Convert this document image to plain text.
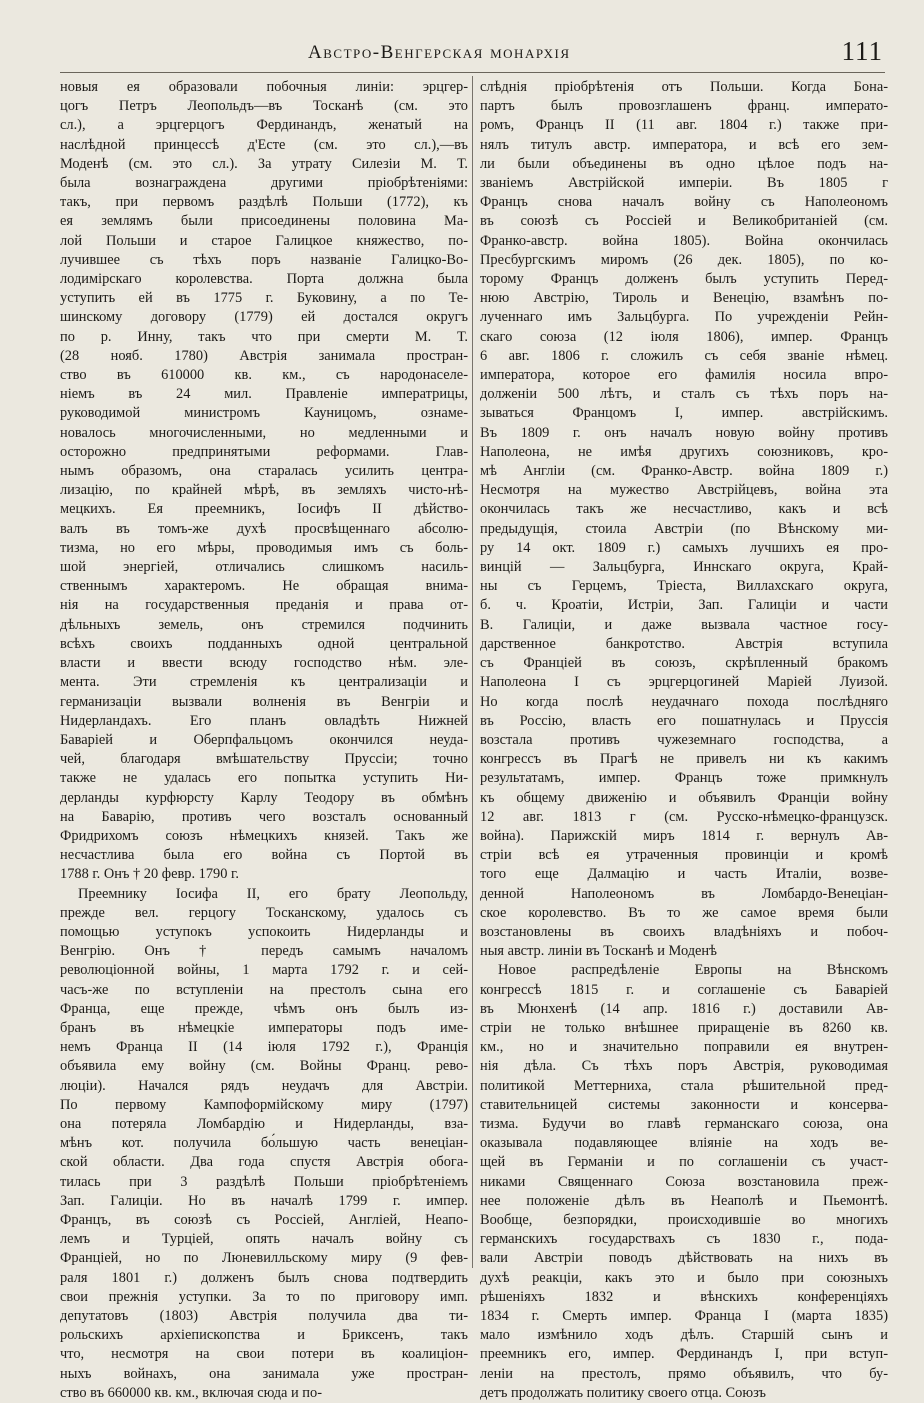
Австро-Венгерская монархія	111
новыя ея образовали побочныя линіи: эрцгер-
цогъ Петръ Леопольдъ—въ Тосканѣ (см. это
сл.), а эрцгерцогъ Фердинандъ, женатый на
наслѣдной принцессѣ д'Есте (см. это сл.),—въ
Моденѣ (см. это сл.). За утрату Силезіи М. Т.
была вознаграждена другими пріобрѣтеніями:
такъ, при первомъ раздѣлѣ Польши (1772), къ
ея землямъ были присоединены половина Ма-
лой Польши и старое Галицкое княжество, по-
лучившее съ тѣхъ поръ названіе Галицко-Во-
лодимірскаго королевства. Порта должна была
уступить ей въ 1775 г. Буковину, а по Те-
шинскому договору (1779) ей достался округъ
по р. Инну, такъ что при смерти М. Т.
(28 нояб. 1780) Австрія занимала простран-
ство въ 610000 кв. км., съ народонаселе-
ніемъ въ 24 мил. Правленіе императрицы,
руководимой министромъ Кауницомъ, ознаме-
новалось многочисленными, но медленными и
осторожно предпринятыми реформами. Глав-
нымъ образомъ, она старалась усилить центра-
лизацію, по крайней мѣрѣ, въ земляхъ чисто-нѣ-
мецкихъ. Ея преемникъ, Іосифъ II дѣйство-
валъ въ томъ-же духѣ просвѣщеннаго абсолю-
тизма, но его мѣры, проводимыя имъ съ боль-
шой энергіей, отличались слишкомъ насиль-
ственнымъ характеромъ. Не обращая внима-
нія на государственныя преданія и права от-
дѣльныхъ земель, онъ стремился подчинить
всѣхъ своихъ подданныхъ одной центральной
власти и ввести всюду господство нѣм. эле-
мента. Эти стремленія къ централизаціи и
германизаціи вызвали волненія въ Венгріи и
Нидерландахъ. Его планъ овладѣть Нижней
Баваріей и Оберпфальцомъ окончился неуда-
чей, благодаря вмѣшательству Пруссіи; точно
также не удалась его попытка уступить Ни-
дерланды курфюрсту Карлу Теодору въ обмѣнъ
на Баварію, противъ чего возсталъ основанный
Фридрихомъ союзъ нѣмецкихъ князей. Такъ же
несчастлива была его война съ Портой въ
1788 г. Онъ † 20 февр. 1790 г.
Преемнику Іосифа II, его брату Леопольду,
прежде вел. герцогу Тосканскому, удалось съ
помощью уступокъ успокоить Нидерланды и
Венгрію. Онъ † передъ самымъ началомъ
революціонной войны, 1 марта 1792 г. и сей-
часъ-же по вступленіи на престолъ сына его
Франца, еще прежде, чѣмъ онъ былъ из-
бранъ въ нѣмецкіе императоры подъ име-
немъ Франца II (14 іюля 1792 г.), Франція
объявила ему войну (см. Войны Франц. рево-
люціи). Начался рядъ неудачъ для Австріи.
По первому Кампоформійскому миру (1797)
она потеряла Ломбардію и Нидерланды, вза-
мѣнъ кот. получила бо́льшую часть венеціан-
ской области. Два года спустя Австрія обога-
тилась при 3 раздѣлѣ Польши пріобрѣтеніемъ
Зап. Галиціи. Но въ началѣ 1799 г. импер.
Францъ, въ союзѣ съ Россіей, Англіей, Неапо-
лемъ и Турціей, опять началъ войну съ
Франціей, но по Люневилльскому миру (9 фев-
раля 1801 г.) долженъ былъ снова подтвердить
свои прежнія уступки. За то по приговору имп.
депутатовъ (1803) Австрія получила два ти-
рольскихъ архіепископства и Бриксенъ, такъ
что, несмотря на свои потери въ коалиціон-
ныхъ войнахъ, она занимала уже простран-
ство въ 660000 кв. км., включая сюда и по-
слѣднія пріобрѣтенія отъ Польши. Когда Бона-
партъ былъ провозглашенъ франц. императо-
ромъ, Францъ II (11 авг. 1804 г.) также при-
нялъ титулъ австр. императора, и всѣ его зем-
ли были объединены въ одно цѣлое подъ на-
званіемъ Австрійской имперіи. Въ 1805 г
Францъ снова началъ войну съ Наполеономъ
въ союзѣ съ Россіей и Великобританіей (см.
Франко-австр. война 1805). Война окончилась
Пресбургскимъ миромъ (26 дек. 1805), по ко-
торому Францъ долженъ былъ уступить Перед-
нюю Австрію, Тироль и Венецію, взамѣнъ по-
лученнаго имъ Зальцбурга. По учрежденіи Рейн-
скаго союза (12 іюля 1806), импер. Францъ
6 авг. 1806 г. сложилъ съ себя званіе нѣмец.
императора, которое его фамилія носила впро-
долженіи 500 лѣтъ, и сталъ съ тѣхъ поръ на-
зываться Францомъ I, импер. австрійскимъ.
Въ 1809 г. онъ началъ новую войну противъ
Наполеона, не имѣя другихъ союзниковъ, кро-
мѣ Англіи (см. Франко-Австр. война 1809 г.)
Несмотря на мужество Австрійцевъ, война эта
окончилась такъ же несчастливо, какъ и всѣ
предыдущія, стоила Австріи (по Вѣнскому ми-
ру 14 окт. 1809 г.) самыхъ лучшихъ ея про-
винцій — Зальцбурга, Иннскаго округа, Край-
ны съ Герцемъ, Тріеста, Виллахскаго округа,
б. ч. Кроатіи, Истріи, Зап. Галиціи и части
В. Галиціи, и даже вызвала частное госу-
дарственное банкротство. Австрія вступила
съ Франціей въ союзъ, скрѣпленный бракомъ
Наполеона I съ эрцгерцогиней Маріей Луизой.
Но когда послѣ неудачнаго похода послѣдняго
въ Россію, власть его пошатнулась и Пруссія
возстала противъ чужеземнаго господства, а
конгрессъ въ Прагѣ не привелъ ни къ какимъ
результатамъ, импер. Францъ тоже примкнулъ
къ общему движенію и объявилъ Франціи войну
12 авг. 1813 г (см. Русско-нѣмецко-французск.
война). Парижскій миръ 1814 г. вернулъ Ав-
стріи всѣ ея утраченныя провинціи и кромѣ
того еще Далмацію и часть Италіи, возве-
денной Наполеономъ въ Ломбардо-Венеціан-
ское королевство. Въ то же самое время были
возстановлены въ своихъ владѣніяхъ и побоч-
ныя австр. линіи въ Тосканѣ и Моденѣ
Новое распредѣленіе Европы на Вѣнскомъ
конгрессѣ 1815 г. и соглашеніе съ Баваріей
въ Мюнхенѣ (14 апр. 1816 г.) доставили Ав-
стріи не только внѣшнее приращеніе въ 8260 кв.
км., но и значительно поправили ея внутрен-
нія дѣла. Съ тѣхъ поръ Австрія, руководимая
политикой Меттерниха, стала рѣшительной пред-
ставительницей системы законности и консерва-
тизма. Будучи во главѣ германскаго союза, она
оказывала подавляющее вліяніе на ходъ ве-
щей въ Германіи и по соглашеніи съ участ-
никами Священнаго Союза возстановила преж-
нее положеніе дѣлъ въ Неаполѣ и Пьемонтѣ.
Вообще, безпорядки, происходившіе во многихъ
германскихъ государствахъ съ 1830 г., пода-
вали Австріи поводъ дѣйствовать на нихъ въ
духѣ реакціи, какъ это и было при союзныхъ
рѣшеніяхъ 1832 и вѣнскихъ конференціяхъ
1834 г. Смерть импер. Франца I (марта 1835)
мало измѣнило ходъ дѣлъ. Старшій сынъ и
преемникъ его, импер. Фердинандъ I, при вступ-
леніи на престолъ, прямо объявилъ, что бу-
детъ продолжать политику своего отца. Союзъ
